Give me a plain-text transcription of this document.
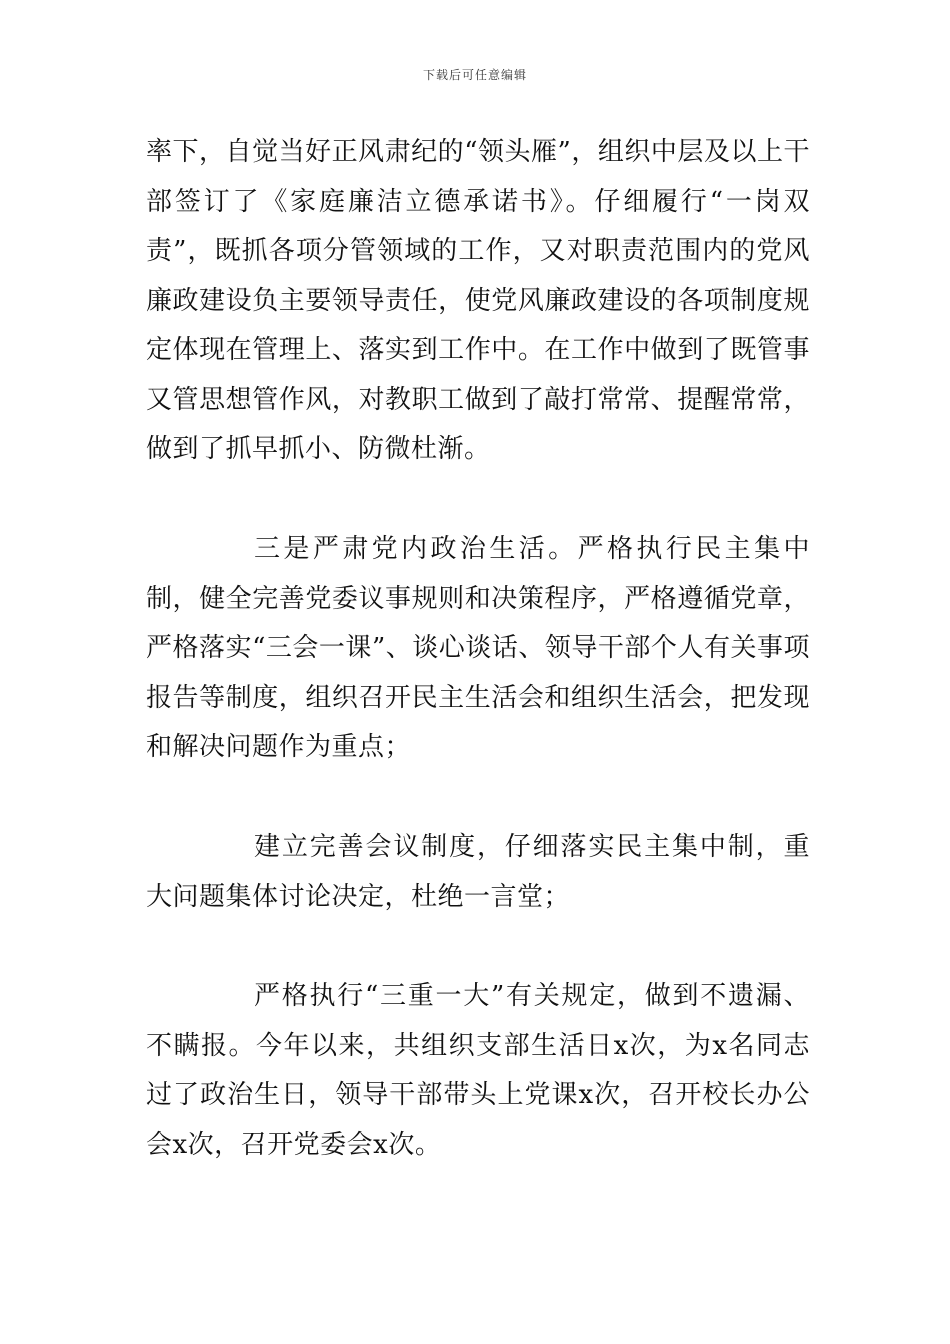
下载后可任意编辑

率下，自觉当好正风肃纪的“领头雁”，组织中层及以上干部签订了《家庭廉洁立德承诺书》。仔细履行“一岗双责”，既抓各项分管领域的工作，又对职责范围内的党风廉政建设负主要领导责任，使党风廉政建设的各项制度规定体现在管理上、落实到工作中。在工作中做到了既管事又管思想管作风，对教职工做到了敲打常常、提醒常常，做到了抓早抓小、防微杜渐。

三是严肃党内政治生活。严格执行民主集中制，健全完善党委议事规则和决策程序，严格遵循党章，严格落实“三会一课”、谈心谈话、领导干部个人有关事项报告等制度，组织召开民主生活会和组织生活会，把发现和解决问题作为重点；

建立完善会议制度，仔细落实民主集中制，重大问题集体讨论决定，杜绝一言堂；

严格执行“三重一大”有关规定，做到不遗漏、不瞒报。今年以来，共组织支部生活日x次，为x名同志过了政治生日，领导干部带头上党课x次，召开校长办公会x次，召开党委会x次。
